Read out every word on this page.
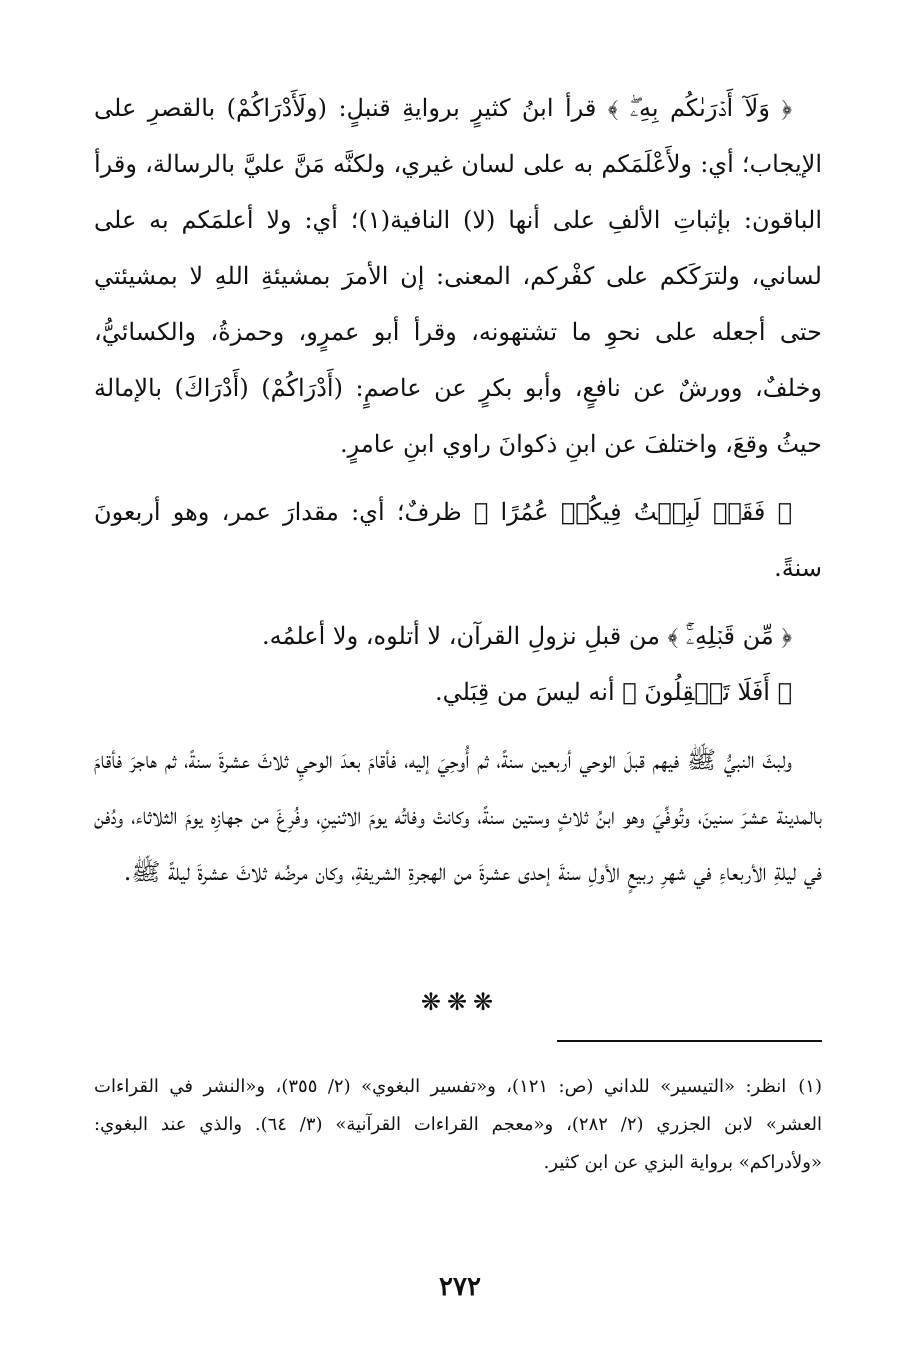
﴿ وَلَآ أَدۡرَىٰكُم بِهِۦۖ ﴾ قرأ ابنُ كثيرٍ بروايةِ قنبلٍ: (ولَأَدْرَاكُمْ) بالقصرِ على الإيجاب؛ أي: ولأَعْلَمَكم به على لسان غيري، ولكنَّه مَنَّ عليَّ بالرسالة، وقرأ الباقون: بإثباتِ الألفِ على أنها (لا) النافية(١)؛ أي: ولا أعلمَكم به على لساني، ولترَكَكم على كفْركم، المعنى: إن الأمرَ بمشيئةِ اللهِ لا بمشيئتي حتى أجعله على نحوِ ما تشتهونه، وقرأ أبو عمرٍو، وحمزةُ، والكسائيُّ، وخلفٌ، وورشٌ عن نافعٍ، وأبو بكرٍ عن عاصمٍ: (أَدْرَاكُمْ) (أَدْرَاكَ) بالإمالة حيثُ وقعَ، واختلفَ عن ابنِ ذكوانَ راوي ابنِ عامرٍ.

﴿ فَقَدۡ لَبِثۡتُ فِيكُمۡ عُمُرًا ﴾ ظرفٌ؛ أي: مقدارَ عمر، وهو أربعونَ سنةً.

﴿ مِّن قَبۡلِهِۦٓۚ ﴾ من قبلِ نزولِ القرآن، لا أتلوه، ولا أعلمُه.

﴿ أَفَلَا تَعۡقِلُونَ ﴾ أنه ليسَ من قِبَلي.

ولبثَ النبيُّ ﷺ فيهم قبلَ الوحي أربعين سنةً، ثم أُوحِيَ إليه، فأقامَ بعدَ الوحيِ ثلاثَ عشرةَ سنةً، ثم هاجرَ فأقامَ بالمدينة عشرَ سنينَ، وتُوفِّيَ وهو ابنُ ثلاثٍ وستين سنةً، وكانتْ وفاتُه يومَ الاثنينِ، وفُرِغَ من جهازِه يومَ الثلاثاء، ودُفن في ليلةِ الأربعاءِ في شهرِ ربيعٍ الأولِ سنةَ إحدى عشرةَ من الهجرةِ الشريفةِ، وكان مرضُه ثلاثَ عشرةَ ليلةً ﷺ.

❋❋❋

(١)انظر: «التيسير» للداني (ص: ١٢١)، و«تفسير البغوي» (٢/ ٣٥٥)، و«النشر في القراءات العشر» لابن الجزري (٢/ ٢٨٢)، و«معجم القراءات القرآنية» (٣/ ٦٤). والذي عند البغوي: «ولأدراكم» برواية البزي عن ابن كثير.

٢٧٢
